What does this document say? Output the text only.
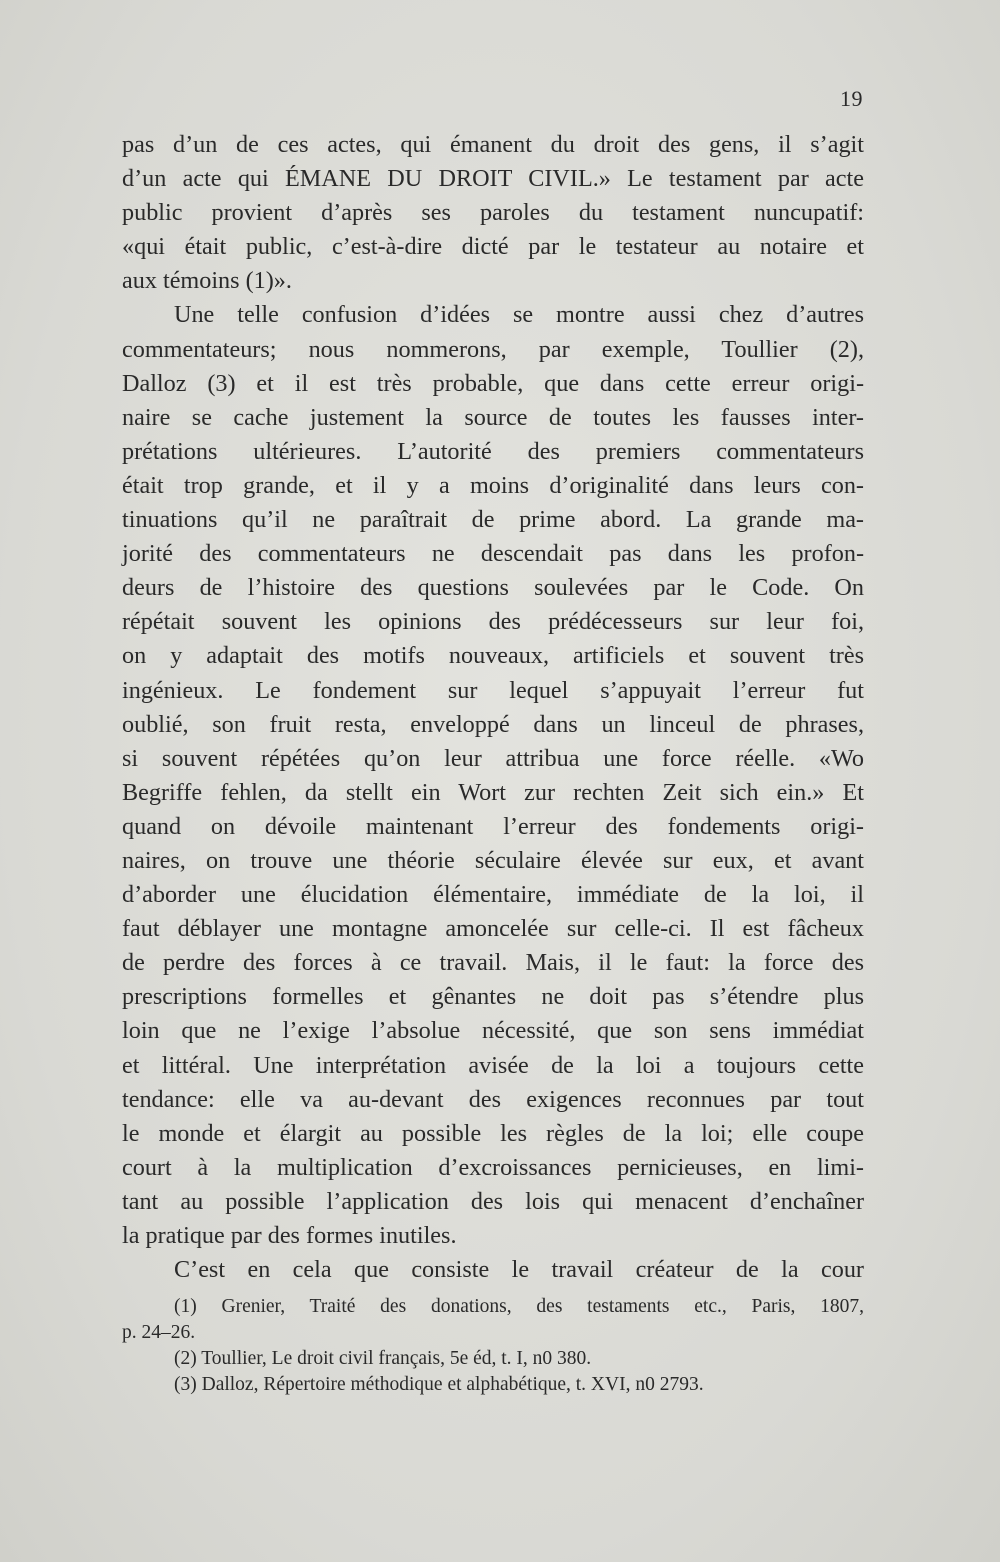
19
pas d’un de ces actes, qui émanent du droit des gens, il s’agit
d’un acte qui ÉMANE DU DROIT CIVIL.» Le testament par acte
public provient d’après ses paroles du testament nuncupatif:
«qui était public, c’est-à-dire dicté par le testateur au notaire et
aux témoins (1)».
Une telle confusion d’idées se montre aussi chez d’autres
commentateurs; nous nommerons, par exemple, Toullier (2),
Dalloz (3) et il est très probable, que dans cette erreur origi-
naire se cache justement la source de toutes les fausses inter-
prétations ultérieures. L’autorité des premiers commentateurs
était trop grande, et il y a moins d’originalité dans leurs con-
tinuations qu’il ne paraîtrait de prime abord. La grande ma-
jorité des commentateurs ne descendait pas dans les profon-
deurs de l’histoire des questions soulevées par le Code. On
répétait souvent les opinions des prédécesseurs sur leur foi,
on y adaptait des motifs nouveaux, artificiels et souvent très
ingénieux. Le fondement sur lequel s’appuyait l’erreur fut
oublié, son fruit resta, enveloppé dans un linceul de phrases,
si souvent répétées qu’on leur attribua une force réelle. «Wo
Begriffe fehlen, da stellt ein Wort zur rechten Zeit sich ein.» Et
quand on dévoile maintenant l’erreur des fondements origi-
naires, on trouve une théorie séculaire élevée sur eux, et avant
d’aborder une élucidation élémentaire, immédiate de la loi, il
faut déblayer une montagne amoncelée sur celle-ci. Il est fâcheux
de perdre des forces à ce travail. Mais, il le faut: la force des
prescriptions formelles et gênantes ne doit pas s’étendre plus
loin que ne l’exige l’absolue nécessité, que son sens immédiat
et littéral. Une interprétation avisée de la loi a toujours cette
tendance: elle va au-devant des exigences reconnues par tout
le monde et élargit au possible les règles de la loi; elle coupe
court à la multiplication d’excroissances pernicieuses, en limi-
tant au possible l’application des lois qui menacent d’enchaîner
la pratique par des formes inutiles.
C’est en cela que consiste le travail créateur de la cour
(1) Grenier, Traité des donations, des testaments etc., Paris, 1807,
p. 24–26.
(2) Toullier, Le droit civil français, 5e éd, t. I, n0 380.
(3) Dalloz, Répertoire méthodique et alphabétique, t. XVI, n0 2793.
